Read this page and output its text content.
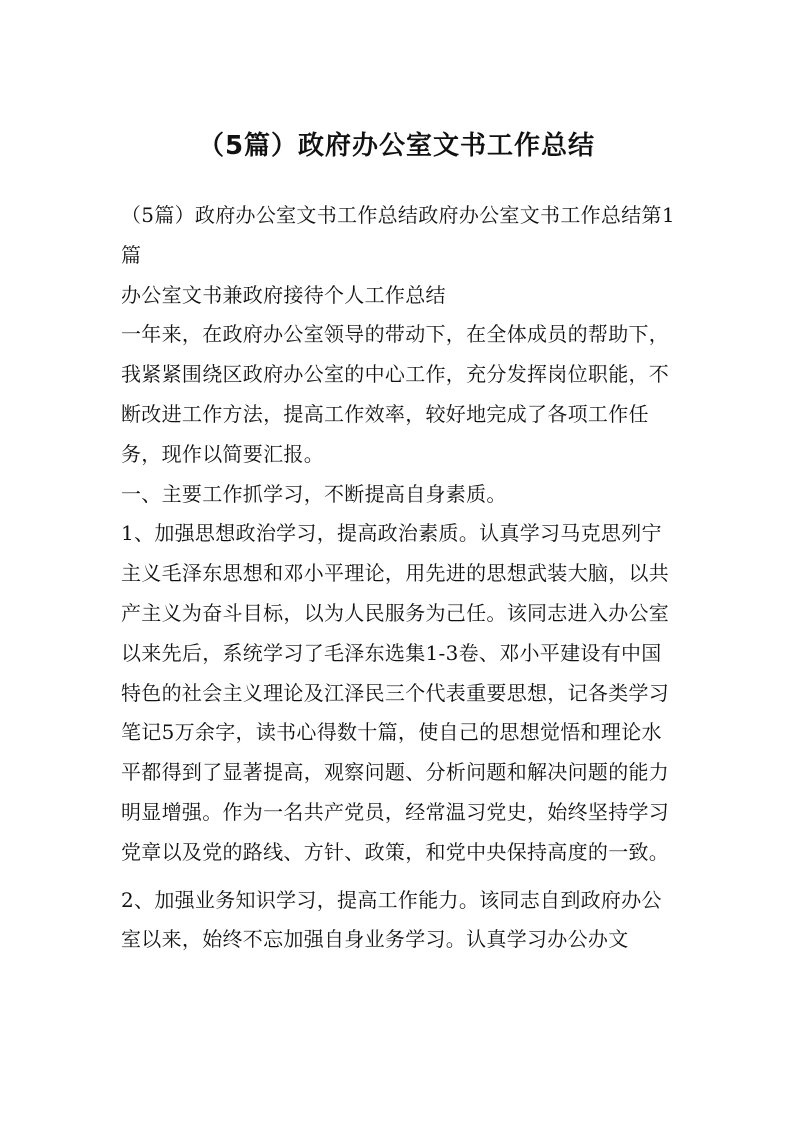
（5篇）政府办公室文书工作总结

（5篇）政府办公室文书工作总结政府办公室文书工作总结第1篇

办公室文书兼政府接待个人工作总结

一年来，在政府办公室领导的带动下，在全体成员的帮助下，我紧紧围绕区政府办公室的中心工作，充分发挥岗位职能，不断改进工作方法，提高工作效率，较好地完成了各项工作任务，现作以简要汇报。

一、主要工作抓学习，不断提高自身素质。

1、加强思想政治学习，提高政治素质。认真学习马克思列宁主义毛泽东思想和邓小平理论，用先进的思想武装大脑，以共产主义为奋斗目标，以为人民服务为己任。该同志进入办公室以来先后，系统学习了毛泽东选集1-3卷、邓小平建设有中国特色的社会主义理论及江泽民三个代表重要思想，记各类学习笔记5万余字，读书心得数十篇，使自己的思想觉悟和理论水平都得到了显著提高，观察问题、分析问题和解决问题的能力明显增强。作为一名共产党员，经常温习党史，始终坚持学习党章以及党的路线、方针、政策，和党中央保持高度的一致。

2、加强业务知识学习，提高工作能力。该同志自到政府办公室以来，始终不忘加强自身业务学习。认真学习办公办文
